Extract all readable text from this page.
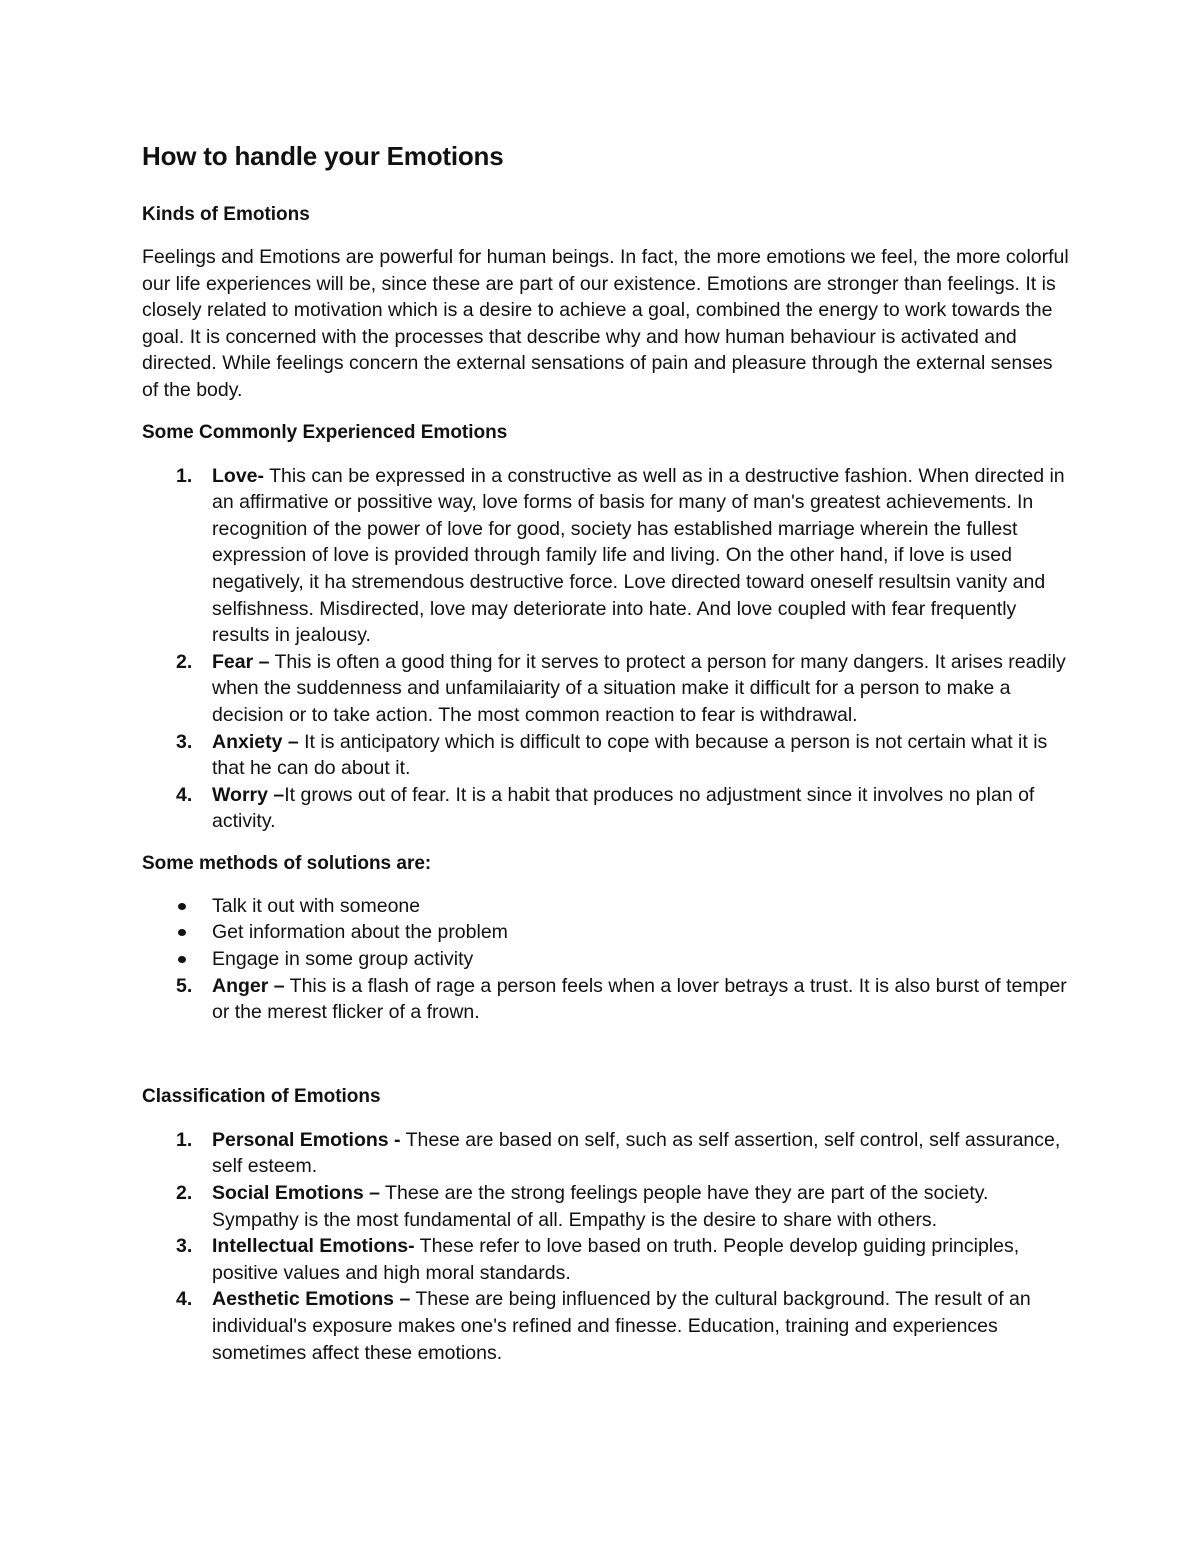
How to handle your Emotions
Kinds of Emotions

Feelings and Emotions are powerful for human beings. In fact, the more emotions we feel, the more colorful our life experiences will be, since these are part of our existence. Emotions are stronger than feelings. It is closely related to motivation which is a desire to achieve a goal, combined the energy to work towards the goal. It is concerned with the processes that describe why and how human behaviour is activated and directed. While feelings concern the external sensations of pain and pleasure through the external senses of the body.

Some Commonly Experienced Emotions
1. Love- This can be expressed in a constructive as well as in a destructive fashion. When directed in an affirmative or possitive way, love forms of basis for many of man's greatest achievements. In recognition of the power of love for good, society has established marriage wherein the fullest expression of love is provided through family life and living. On the other hand, if love is used negatively, it ha stremendous destructive force. Love directed toward oneself resultsin vanity and selfishness. Misdirected, love may deteriorate into hate. And love coupled with fear frequently results in jealousy.
2. Fear – This is often a good thing for it serves to protect a person for many dangers. It arises readily when the suddenness and unfamilaiarity of a situation make it difficult for a person to make a decision or to take action. The most common reaction to fear is withdrawal.
3. Anxiety – It is anticipatory which is difficult to cope with because a person is not certain what it is that he can do about it.
4. Worry –It grows out of fear. It is a habit that produces no adjustment since it involves no plan of activity.
Some methods of solutions are:
Talk it out with someone
Get information about the problem
Engage in some group activity
5. Anger – This is a flash of rage a person feels when a lover betrays a trust. It is also burst of temper or the merest flicker of a frown.
Classification of Emotions
1. Personal Emotions - These are based on self, such as self assertion, self control, self assurance, self esteem.
2. Social Emotions – These are the strong feelings people have they are part of the society. Sympathy is the most fundamental of all. Empathy is the desire to share with others.
3. Intellectual Emotions- These refer to love based on truth. People develop guiding principles, positive values and high moral standards.
4. Aesthetic Emotions – These are being influenced by the cultural background. The result of an individual's exposure makes one's refined and finesse. Education, training and experiences sometimes affect these emotions.
